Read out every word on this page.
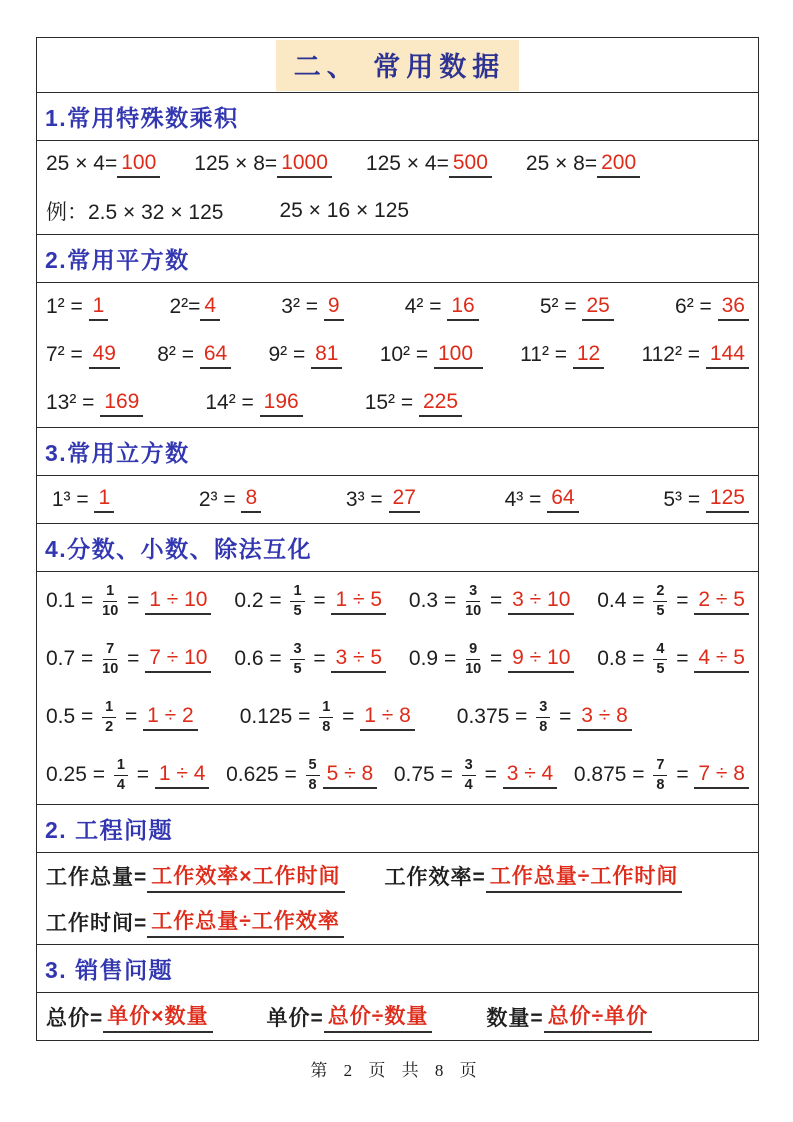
二、 常用数据
1.常用特殊数乘积
25 × 4= 100 125 × 8= 1000 125 × 4= 500 25 × 8= 200
例：2.5 × 32 × 125	25 × 16 × 125
2.常用平方数
1² = 1	2²= 4	3² = 9	4² = 16	5² = 25	6² = 36
7² = 49 8² = 64 9² = 81 10² = 100 11² = 12 112² = 144
13² = 169	14² = 196	15² = 225
3.常用立方数
1³ = 1	2³ = 8	3³ = 27	4³ = 64	5³ = 125
4.分数、小数、除法互化
$0.1 = \frac{1}{10} = 1 \div 10$ $0.2 = \frac{1}{5} = 1 \div 5$ $0.3 = \frac{3}{10} = 3 \div 10$ $0.4 = \frac{2}{5} = 2 \div 5$
$0.7 = \frac{7}{10} = 7 \div 10$ $0.6 = \frac{3}{5} = 3 \div 5$ $0.9 = \frac{9}{10} = 9 \div 10$ $0.8 = \frac{4}{5} = 4 \div 5$
$0.5 = \frac{1}{2} = 1 \div 2$ $0.125 = \frac{1}{8} = 1 \div 8$ $0.375 = \frac{3}{8} = 3 \div 8$
$0.25 = \frac{1}{4} = 1 \div 4$ $0.625 = \frac{5}{8} 5 \div 8$ $0.75 = \frac{3}{4} = 3 \div 4$ $0.875 = \frac{7}{8} = 7 \div 8$
2. 工程问题
工作总量= 工作效率×工作时间 工作效率= 工作总量÷工作时间
工作时间= 工作总量÷工作效率
3. 销售问题
总价= 单价×数量	单价= 总价÷数量	数量= 总价÷单价
第 2 页 共 8 页
